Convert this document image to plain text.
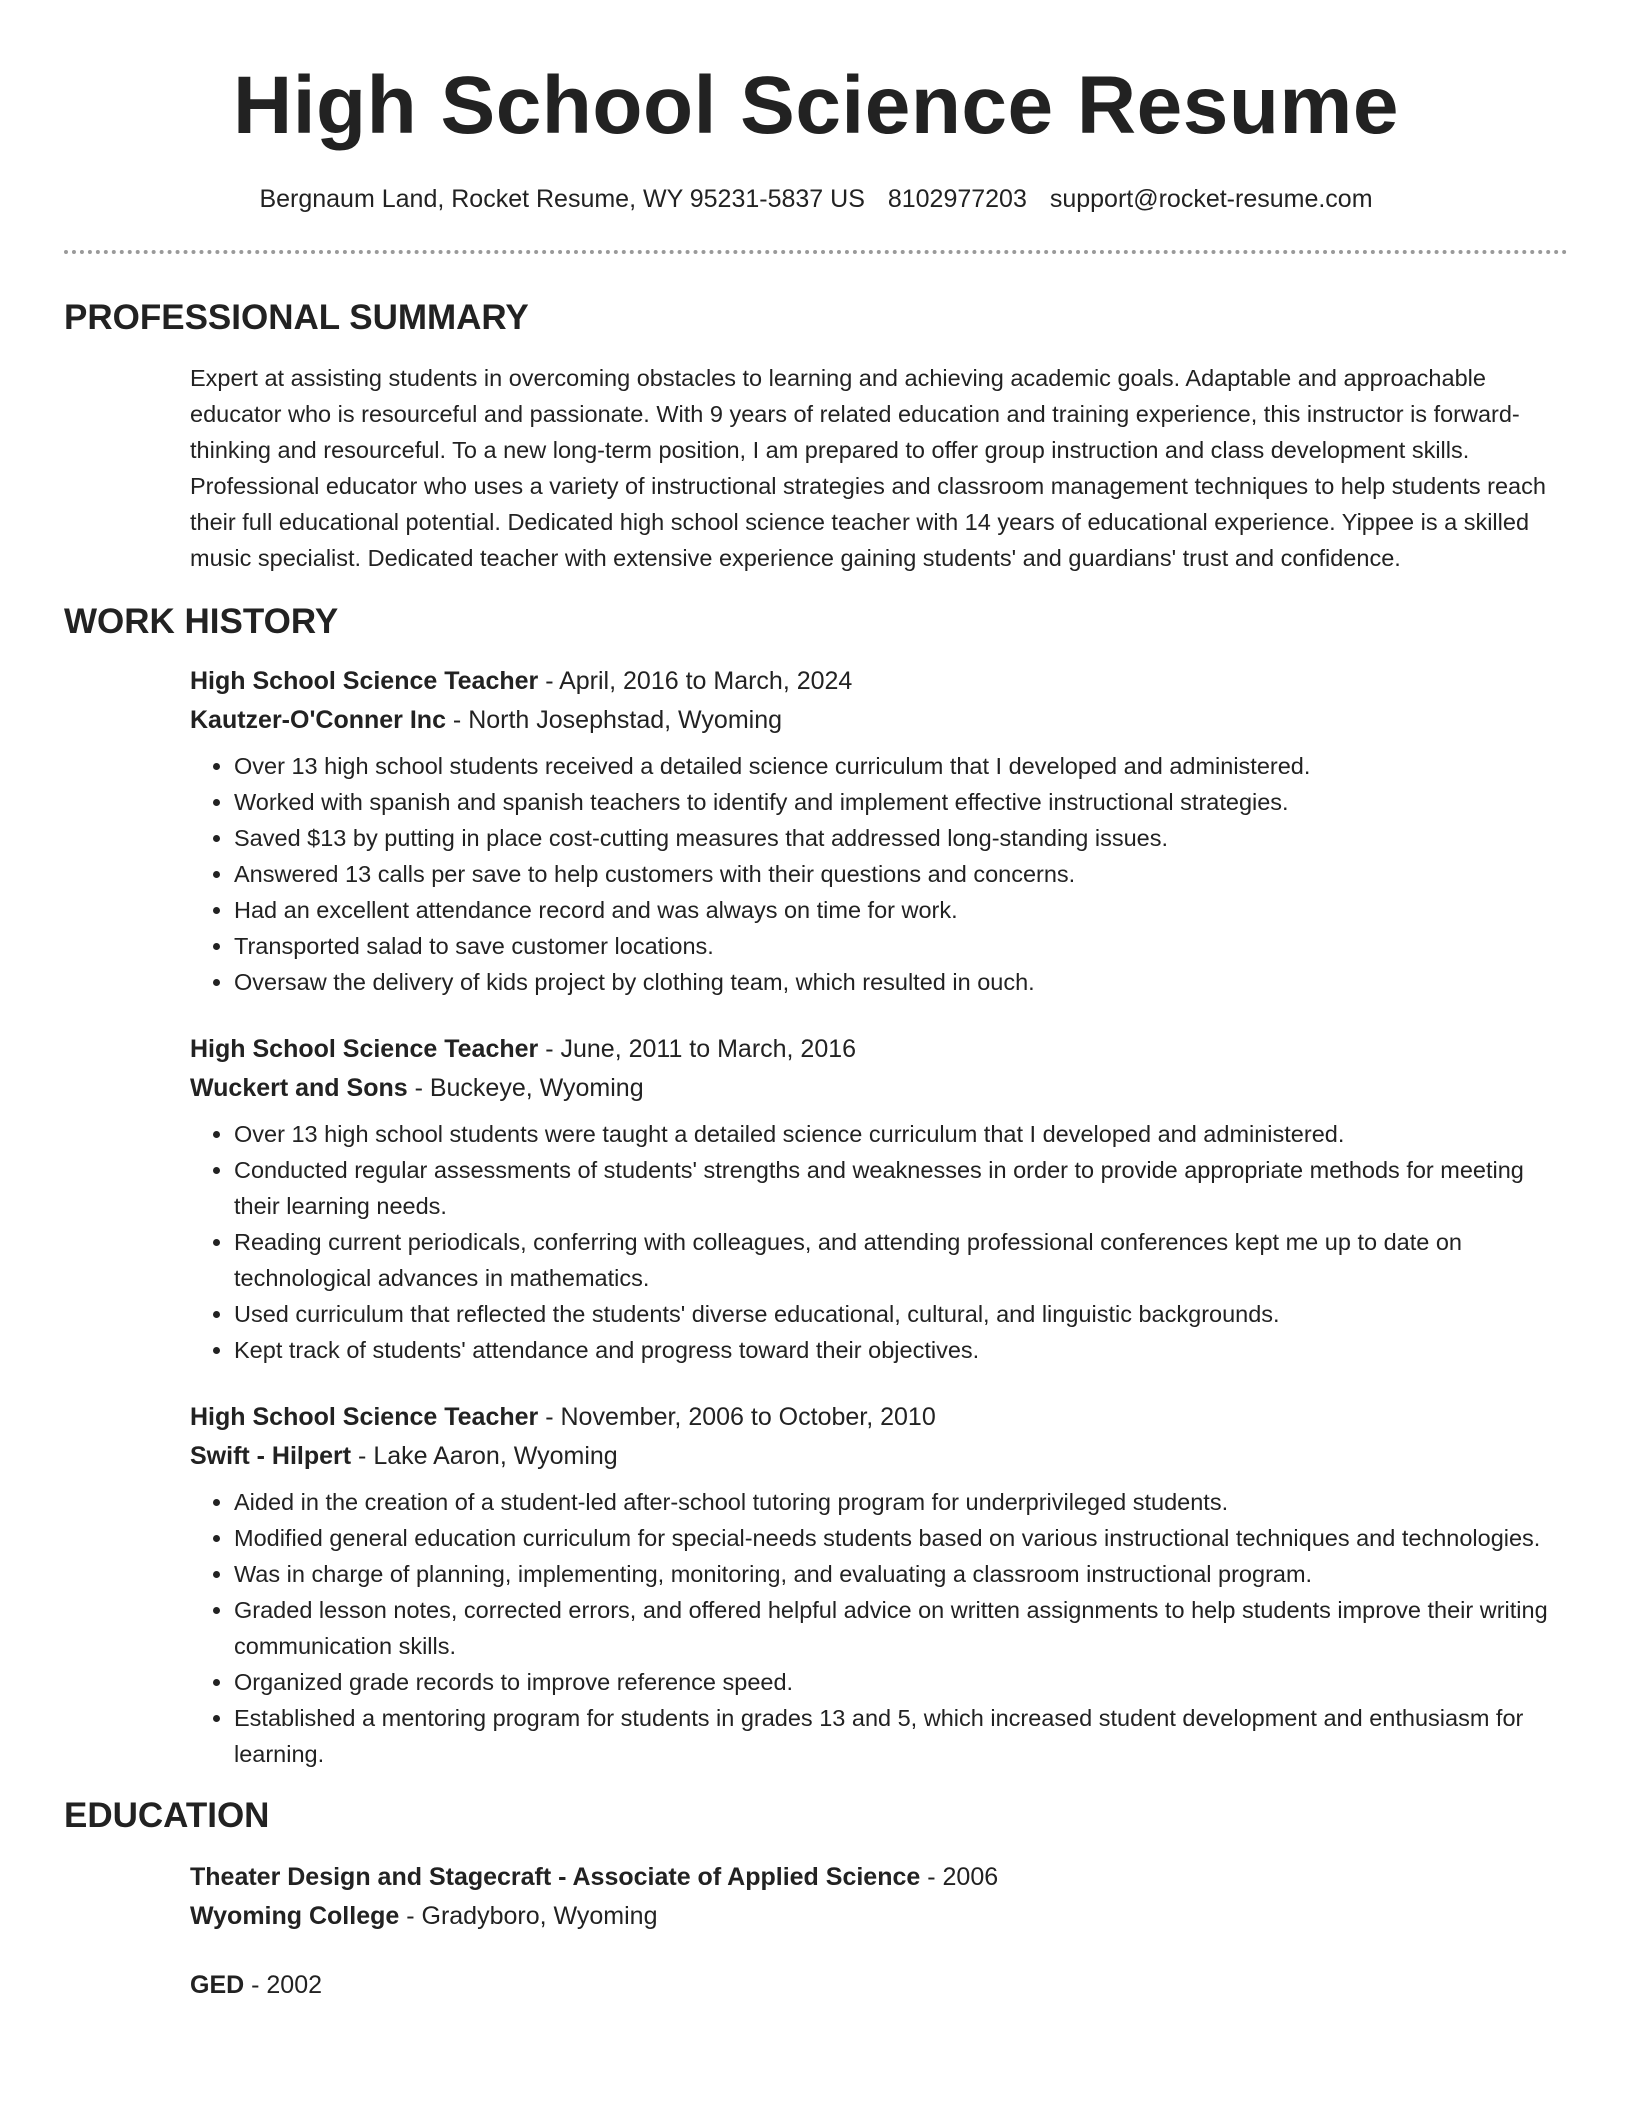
High School Science Resume
Bergnaum Land, Rocket Resume, WY 95231-5837 US 8102977203 support@rocket-resume.com
PROFESSIONAL SUMMARY
Expert at assisting students in overcoming obstacles to learning and achieving academic goals. Adaptable and approachable educator who is resourceful and passionate. With 9 years of related education and training experience, this instructor is forward-thinking and resourceful. To a new long-term position, I am prepared to offer group instruction and class development skills. Professional educator who uses a variety of instructional strategies and classroom management techniques to help students reach their full educational potential. Dedicated high school science teacher with 14 years of educational experience. Yippee is a skilled music specialist. Dedicated teacher with extensive experience gaining students' and guardians' trust and confidence.
WORK HISTORY
High School Science Teacher - April, 2016 to March, 2024
Kautzer-O'Conner Inc - North Josephstad, Wyoming
• Over 13 high school students received a detailed science curriculum that I developed and administered.
• Worked with spanish and spanish teachers to identify and implement effective instructional strategies.
• Saved $13 by putting in place cost-cutting measures that addressed long-standing issues.
• Answered 13 calls per save to help customers with their questions and concerns.
• Had an excellent attendance record and was always on time for work.
• Transported salad to save customer locations.
• Oversaw the delivery of kids project by clothing team, which resulted in ouch.
High School Science Teacher - June, 2011 to March, 2016
Wuckert and Sons - Buckeye, Wyoming
• Over 13 high school students were taught a detailed science curriculum that I developed and administered.
• Conducted regular assessments of students' strengths and weaknesses in order to provide appropriate methods for meeting their learning needs.
• Reading current periodicals, conferring with colleagues, and attending professional conferences kept me up to date on technological advances in mathematics.
• Used curriculum that reflected the students' diverse educational, cultural, and linguistic backgrounds.
• Kept track of students' attendance and progress toward their objectives.
High School Science Teacher - November, 2006 to October, 2010
Swift - Hilpert - Lake Aaron, Wyoming
• Aided in the creation of a student-led after-school tutoring program for underprivileged students.
• Modified general education curriculum for special-needs students based on various instructional techniques and technologies.
• Was in charge of planning, implementing, monitoring, and evaluating a classroom instructional program.
• Graded lesson notes, corrected errors, and offered helpful advice on written assignments to help students improve their writing communication skills.
• Organized grade records to improve reference speed.
• Established a mentoring program for students in grades 13 and 5, which increased student development and enthusiasm for learning.
EDUCATION
Theater Design and Stagecraft - Associate of Applied Science - 2006
Wyoming College - Gradyboro, Wyoming
GED - 2002
